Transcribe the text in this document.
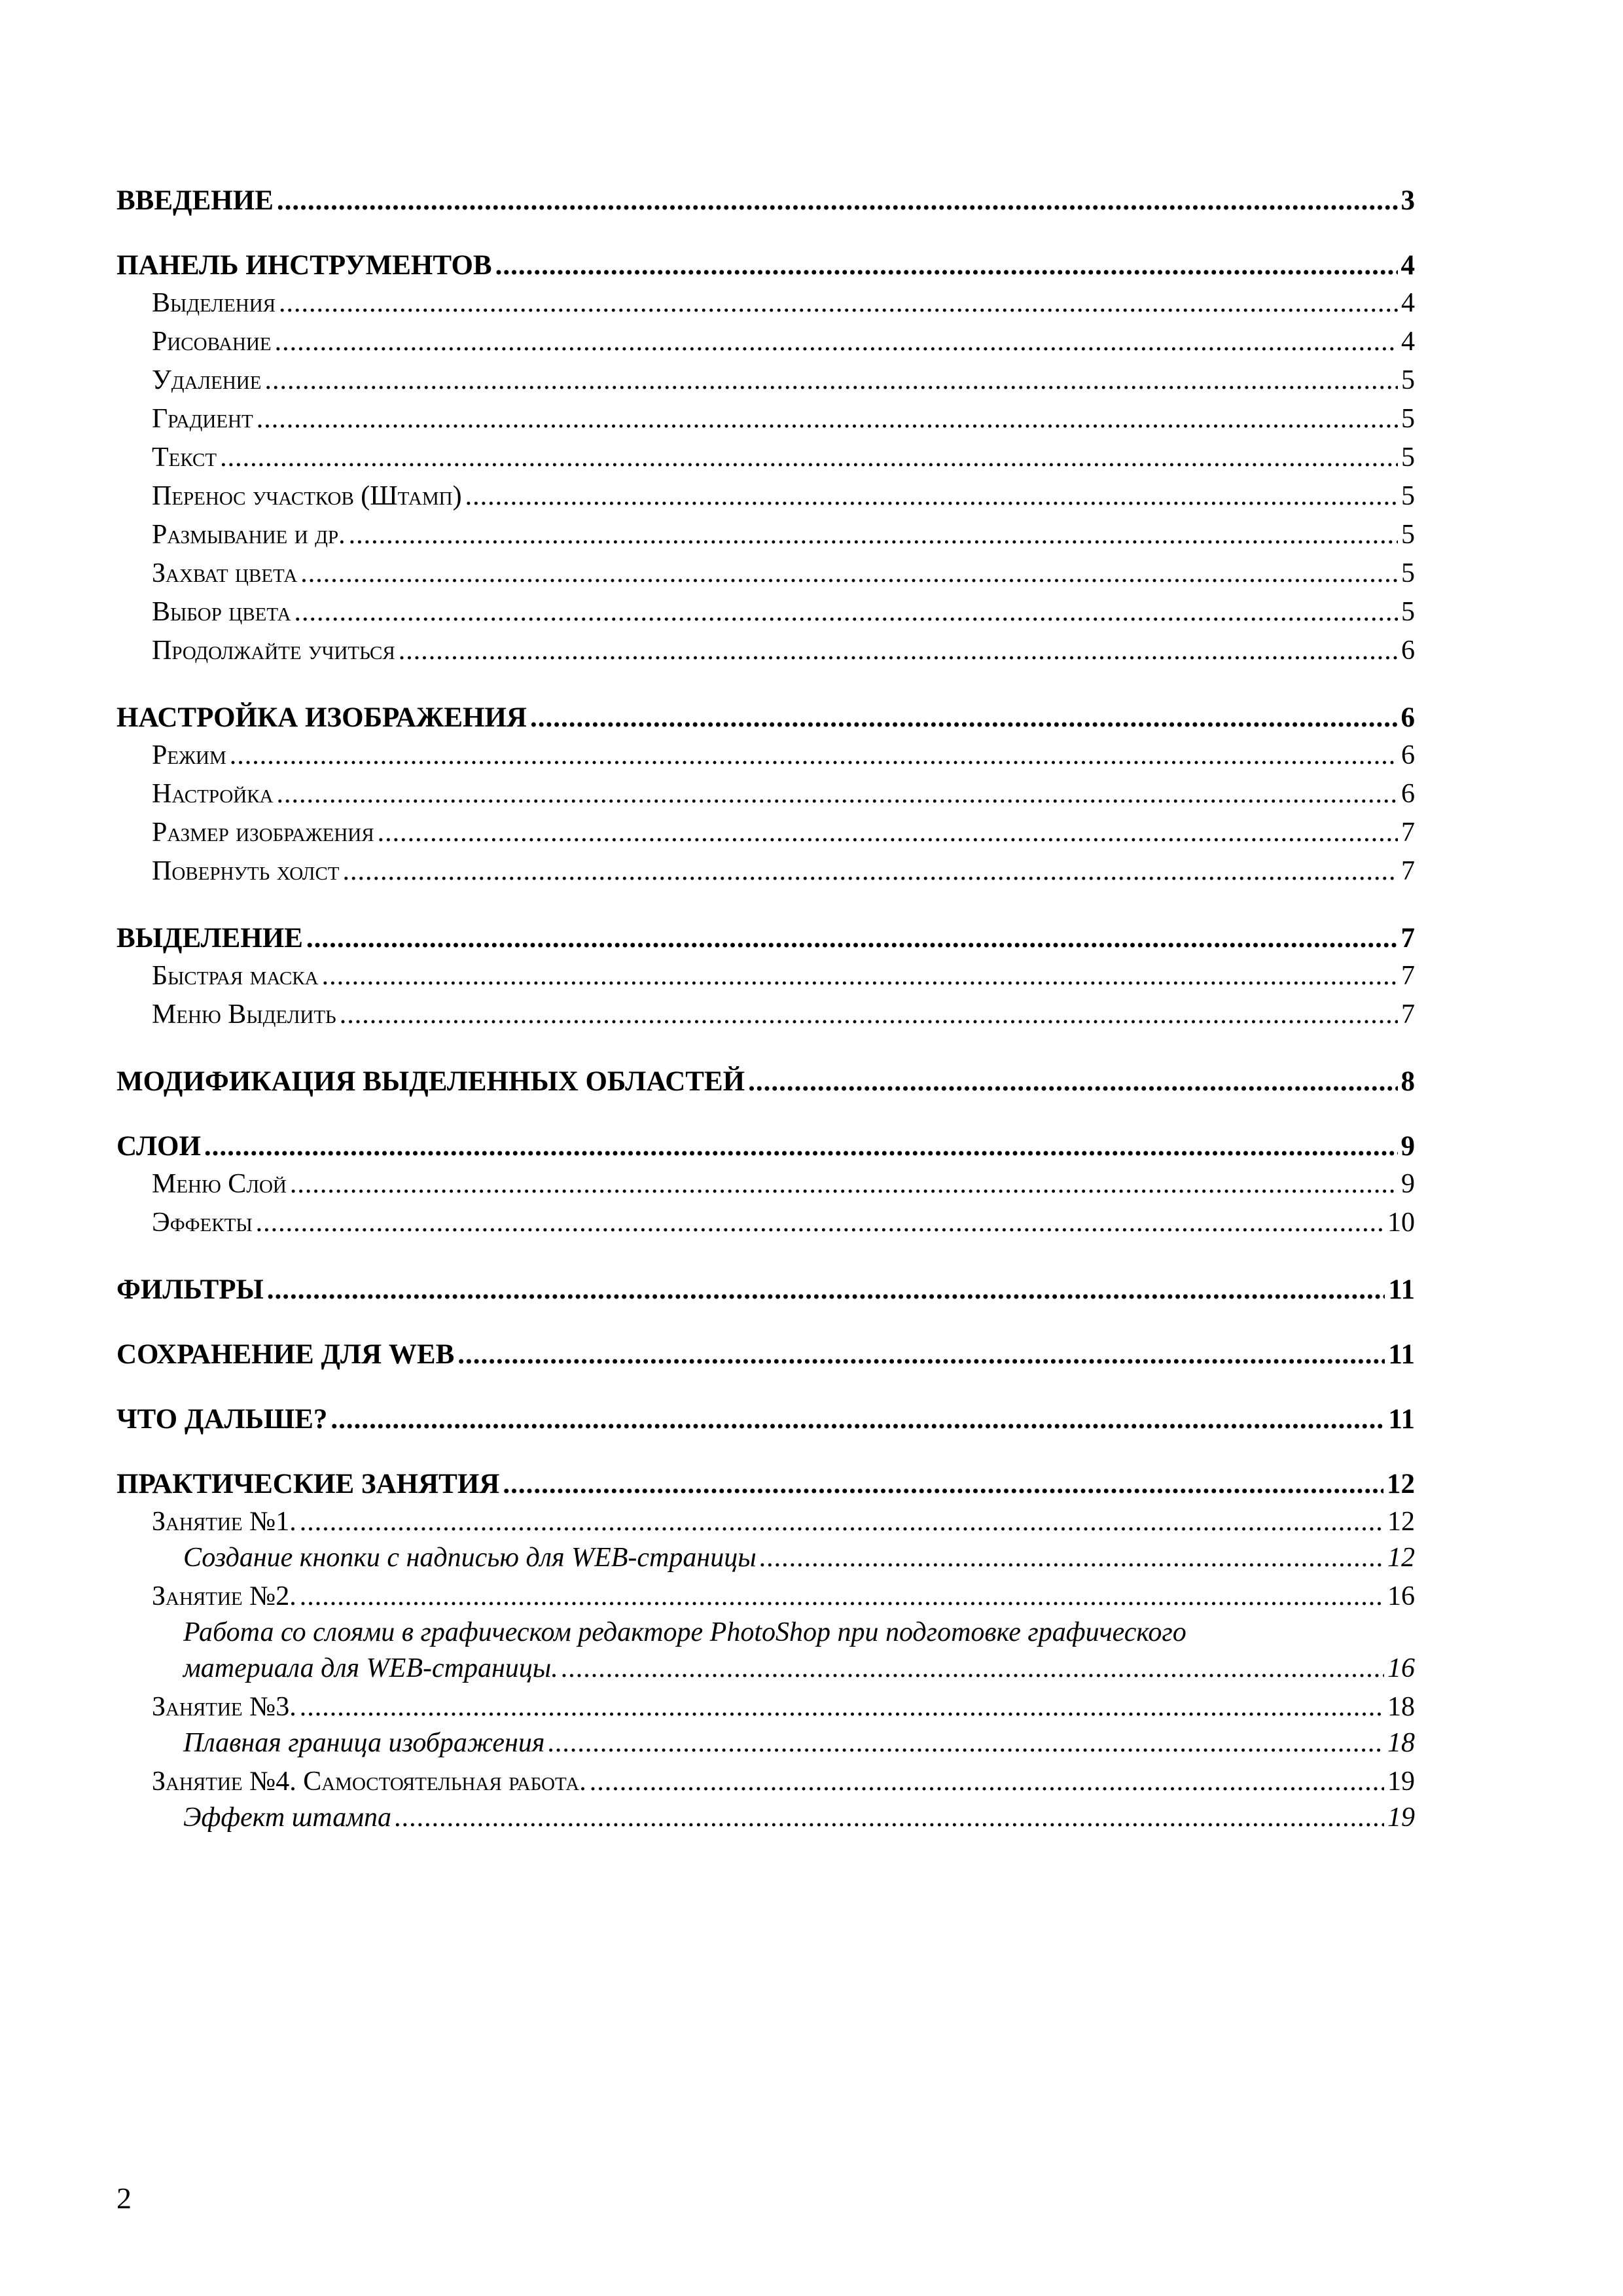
ВВЕДЕНИЕ .....	3
ПАНЕЛЬ ИНСТРУМЕНТОВ .....	4
Выделения .....	4
Рисование .....	4
Удаление .....	5
Градиент .....	5
Текст .....	5
Перенос участков (Штамп) .....	5
Размывание и др. .....	5
Захват цвета .....	5
Выбор цвета .....	5
Продолжайте учиться .....	6
НАСТРОЙКА ИЗОБРАЖЕНИЯ .....	6
Режим .....	6
Настройка .....	6
Размер изображения .....	7
Повернуть холст .....	7
ВЫДЕЛЕНИЕ .....	7
Быстрая маска .....	7
Меню Выделить .....	7
МОДИФИКАЦИЯ ВЫДЕЛЕННЫХ ОБЛАСТЕЙ .....	8
СЛОИ .....	9
Меню Слой .....	9
Эффекты .....	10
ФИЛЬТРЫ .....	11
СОХРАНЕНИЕ ДЛЯ WEB .....	11
ЧТО ДАЛЬШЕ? .....	11
ПРАКТИЧЕСКИЕ ЗАНЯТИЯ .....	12
Занятие №1. .....	12
Создание кнопки с надписью для WEB-страницы .....	12
Занятие №2. .....	16
Работа со слоями в графическом редакторе PhotoShop при подготовке графического
материала для WEB-страницы. .....	16
Занятие №3. .....	18
Плавная граница изображения .....	18
Занятие №4. Самостоятельная работа. .....	19
Эффект штампа .....	19
2
